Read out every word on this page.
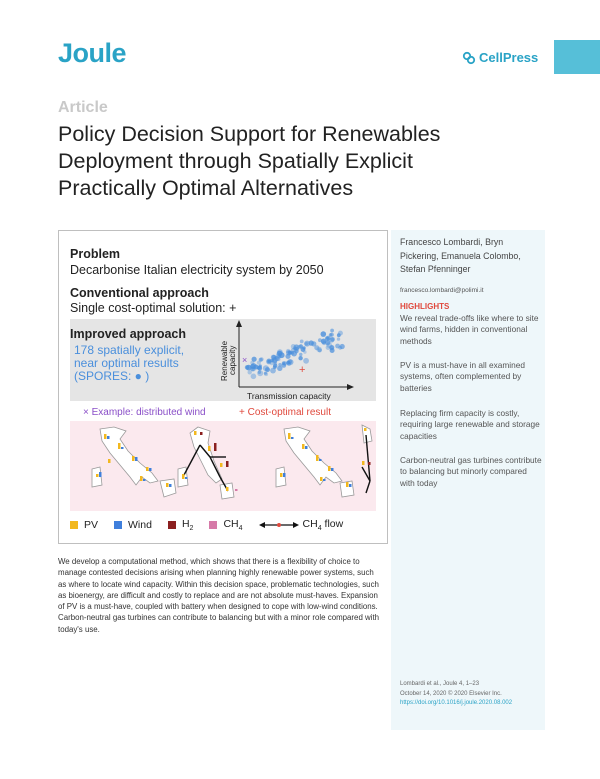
Joule	CellPress
Article
Policy Decision Support for Renewables
Deployment through Spatially Explicit
Practically Optimal Alternatives
Problem
Decarbonise Italian electricity system by 2050
Conventional approach
Single cost-optimal solution: +
Improved approach
178 spatially explicit,
near optimal results
(SPORES: ● )	Renewable capacity
Transmission capacity
×
+
× Example: distributed wind	+ Cost-optimal result
PV	Wind	$H_2$	$CH_4$	$CH_4$ flow
Francesco Lombardi, Bryn Pickering, Emanuela Colombo, Stefan Pfenninger
francesco.lombardi@polimi.it
HIGHLIGHTS
We reveal trade-offs like where to site wind farms, hidden in conventional methods
PV is a must-have in all examined systems, often complemented by batteries
Replacing firm capacity is costly, requiring large renewable and storage capacities
Carbon-neutral gas turbines contribute to balancing but minorly compared with today
Lombardi et al., Joule 4, 1–23
October 14, 2020 © 2020 Elsevier Inc.
https://doi.org/10.1016/j.joule.2020.08.002

We develop a computational method, which shows that there is a flexibility of choice to manage contested decisions arising when planning highly renewable power systems, such as where to locate wind capacity. Within this decision space, problematic technologies, such as bioenergy, are difficult and costly to replace and are not absolute must-haves. Expansion of PV is a must-have, coupled with battery when designed to cope with low-wind conditions. Carbon-neutral gas turbines can contribute to balancing but with a minor role compared with today's use.
